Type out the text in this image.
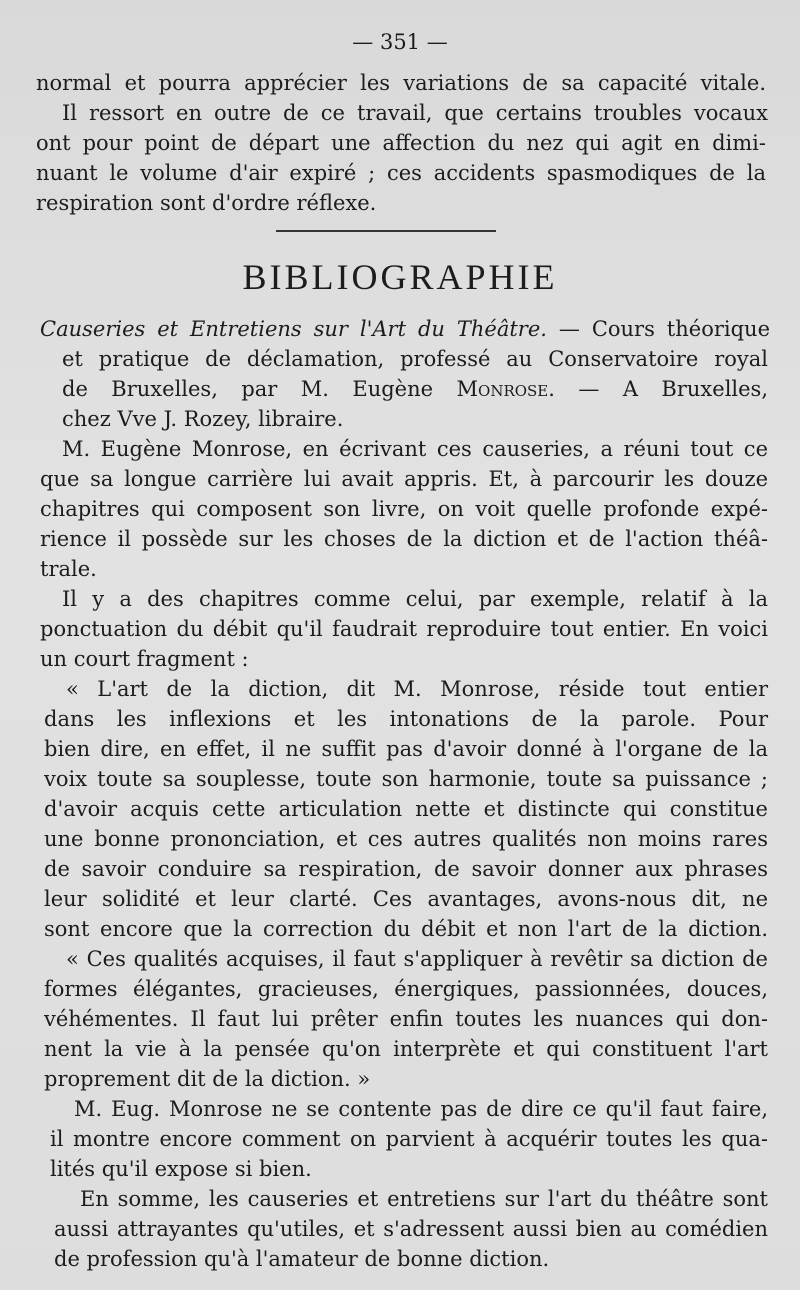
— 351 —
normal et pourra apprécier les variations de sa capacité vitale.
Il ressort en outre de ce travail, que certains troubles vocaux
ont pour point de départ une affection du nez qui agit en dimi-
nuant le volume d'air expiré ; ces accidents spasmodiques de la
respiration sont d'ordre réflexe.
BIBLIOGRAPHIE
Causeries et Entretiens sur l'Art du Théâtre. — Cours théorique
et pratique de déclamation, professé au Conservatoire royal
de Bruxelles, par M. Eugène Monrose. — A Bruxelles,
chez Vve J. Rozey, libraire.
M. Eugène Monrose, en écrivant ces causeries, a réuni tout ce
que sa longue carrière lui avait appris. Et, à parcourir les douze
chapitres qui composent son livre, on voit quelle profonde expé-
rience il possède sur les choses de la diction et de l'action théâ-
trale.
Il y a des chapitres comme celui, par exemple, relatif à la
ponctuation du débit qu'il faudrait reproduire tout entier. En voici
un court fragment :
« L'art de la diction, dit M. Monrose, réside tout entier
dans les inflexions et les intonations de la parole. Pour
bien dire, en effet, il ne suffit pas d'avoir donné à l'organe de la
voix toute sa souplesse, toute son harmonie, toute sa puissance ;
d'avoir acquis cette articulation nette et distincte qui constitue
une bonne prononciation, et ces autres qualités non moins rares
de savoir conduire sa respiration, de savoir donner aux phrases
leur solidité et leur clarté. Ces avantages, avons-nous dit, ne
sont encore que la correction du débit et non l'art de la diction.
« Ces qualités acquises, il faut s'appliquer à revêtir sa diction de
formes élégantes, gracieuses, énergiques, passionnées, douces,
véhémentes. Il faut lui prêter enfin toutes les nuances qui don-
nent la vie à la pensée qu'on interprète et qui constituent l'art
proprement dit de la diction. »
M. Eug. Monrose ne se contente pas de dire ce qu'il faut faire,
il montre encore comment on parvient à acquérir toutes les qua-
lités qu'il expose si bien.
En somme, les causeries et entretiens sur l'art du théâtre sont
aussi attrayantes qu'utiles, et s'adressent aussi bien au comédien
de profession qu'à l'amateur de bonne diction.
